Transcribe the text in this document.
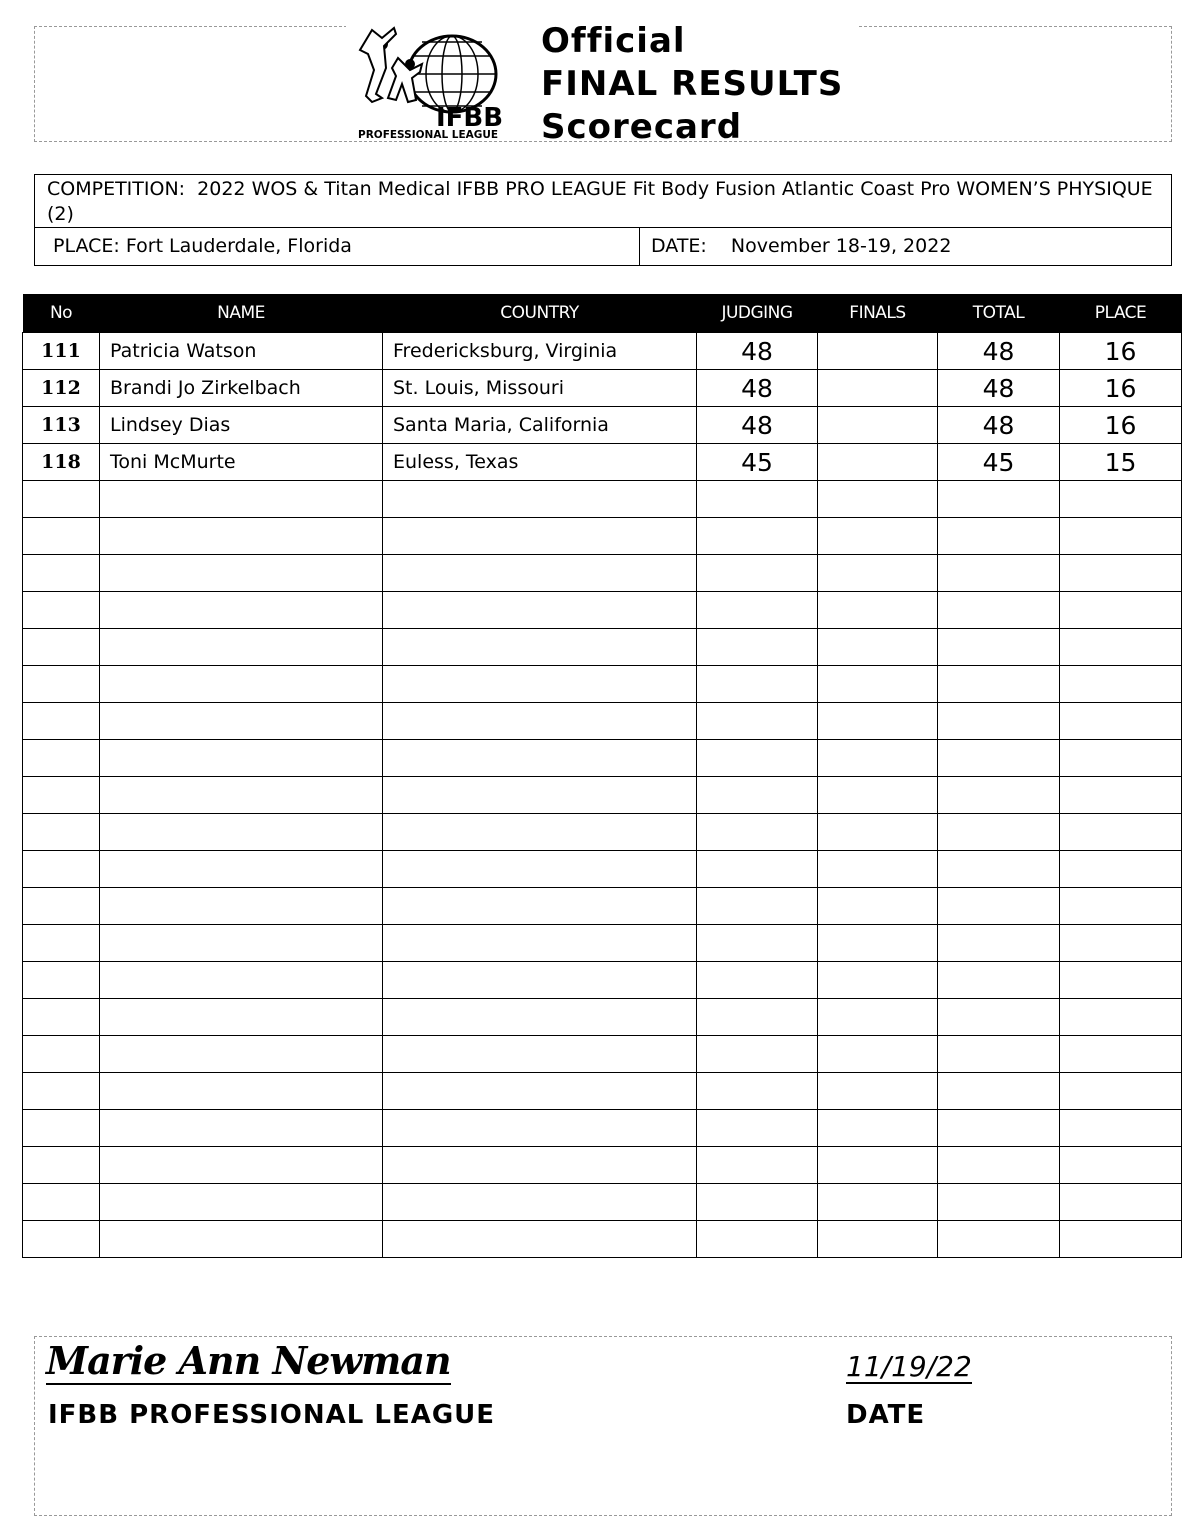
IFBB
PROFESSIONAL LEAGUE
Official
FINAL RESULTS
Scorecard
COMPETITION: 2022 WOS & Titan Medical IFBB PRO LEAGUE Fit Body Fusion Atlantic Coast Pro WOMEN’S PHYSIQUE (2)
PLACE: Fort Lauderdale, Florida	DATE: November 18-19, 2022
No	NAME	COUNTRY	JUDGING	FINALS	TOTAL	PLACE
111	Patricia Watson	Fredericksburg, Virginia	48		48	16
112	Brandi Jo Zirkelbach	St. Louis, Missouri	48		48	16
113	Lindsey Dias	Santa Maria, California	48		48	16
118	Toni McMurte	Euless, Texas	45		45	15

Marie Ann Newman	11/19/22
IFBB PROFESSIONAL LEAGUE	DATE
